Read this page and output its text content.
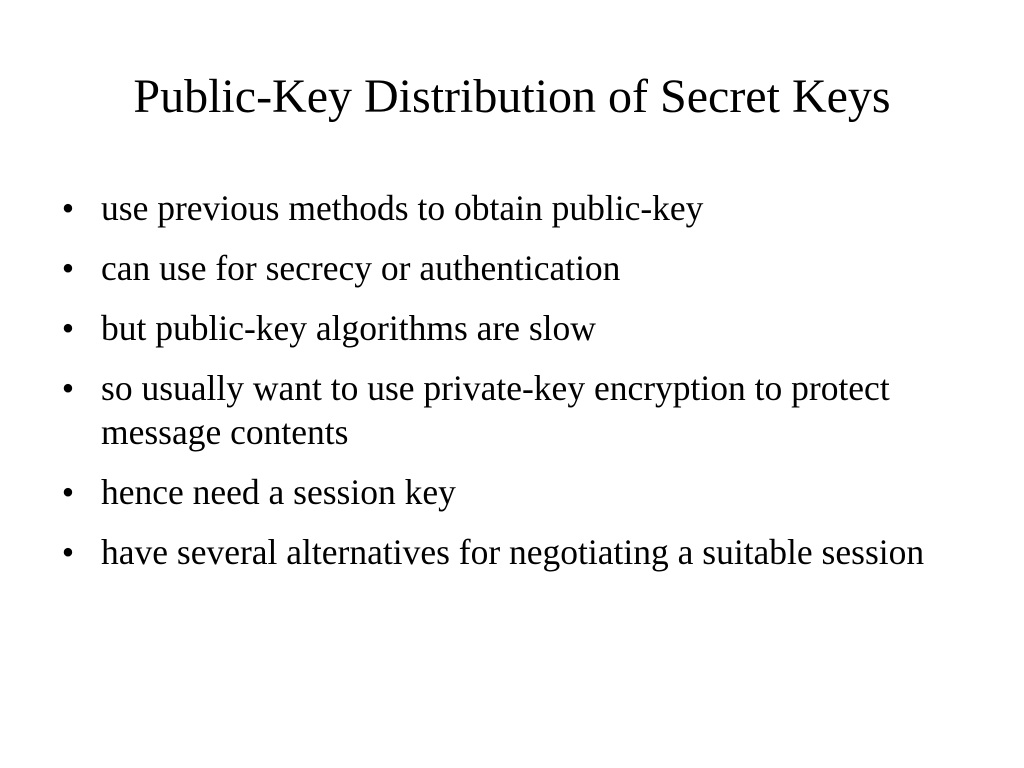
Public-Key Distribution of Secret Keys
• use previous methods to obtain public-key
• can use for secrecy or authentication
• but public-key algorithms are slow
• so usually want to use private-key encryption to protect message contents
• hence need a session key
• have several alternatives for negotiating a suitable session
